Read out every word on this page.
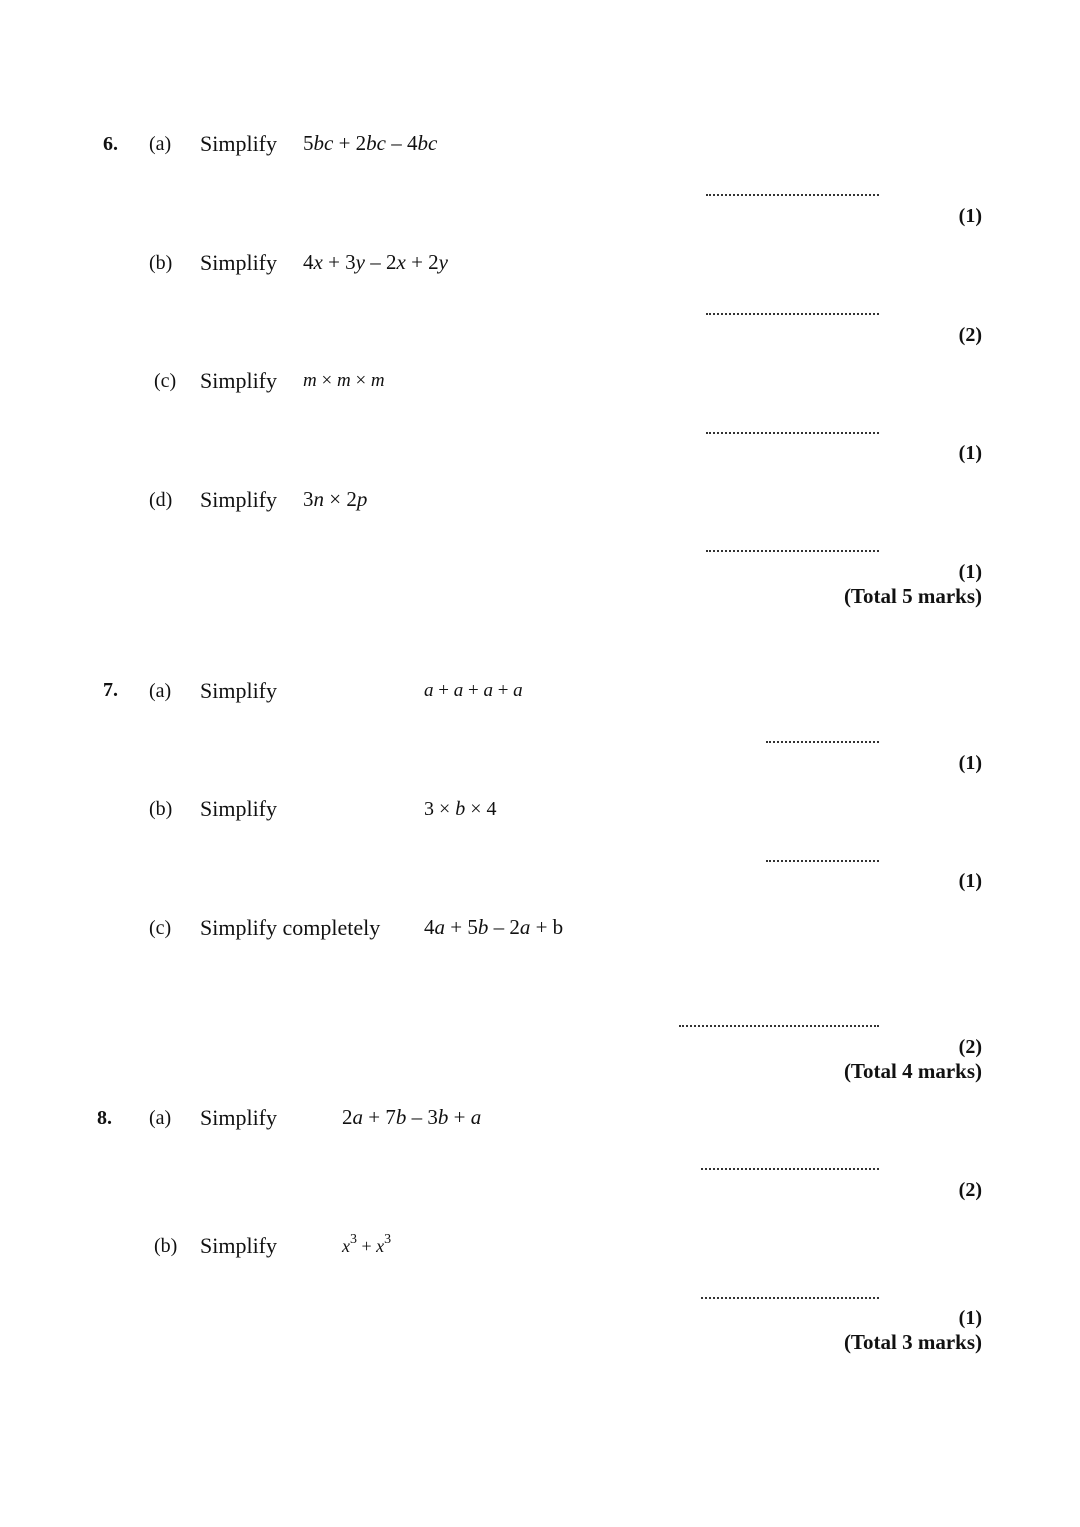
6. (a) Simplify 5bc + 2bc – 4bc
(1)
(b) Simplify 4x + 3y – 2x + 2y
(2)
(c) Simplify m × m × m
(1)
(d) Simplify 3n × 2p
(1)
(Total 5 marks)
7. (a) Simplify	a + a + a + a
(1)
(b) Simplify	3 × b × 4
(1)
(c) Simplify completely 4a + 5b – 2a + b
(2)
(Total 4 marks)
8. (a) Simplify	2a + 7b – 3b + a
(2)
(b) Simplify	$x^3 + x^3$
(1)
(Total 3 marks)
